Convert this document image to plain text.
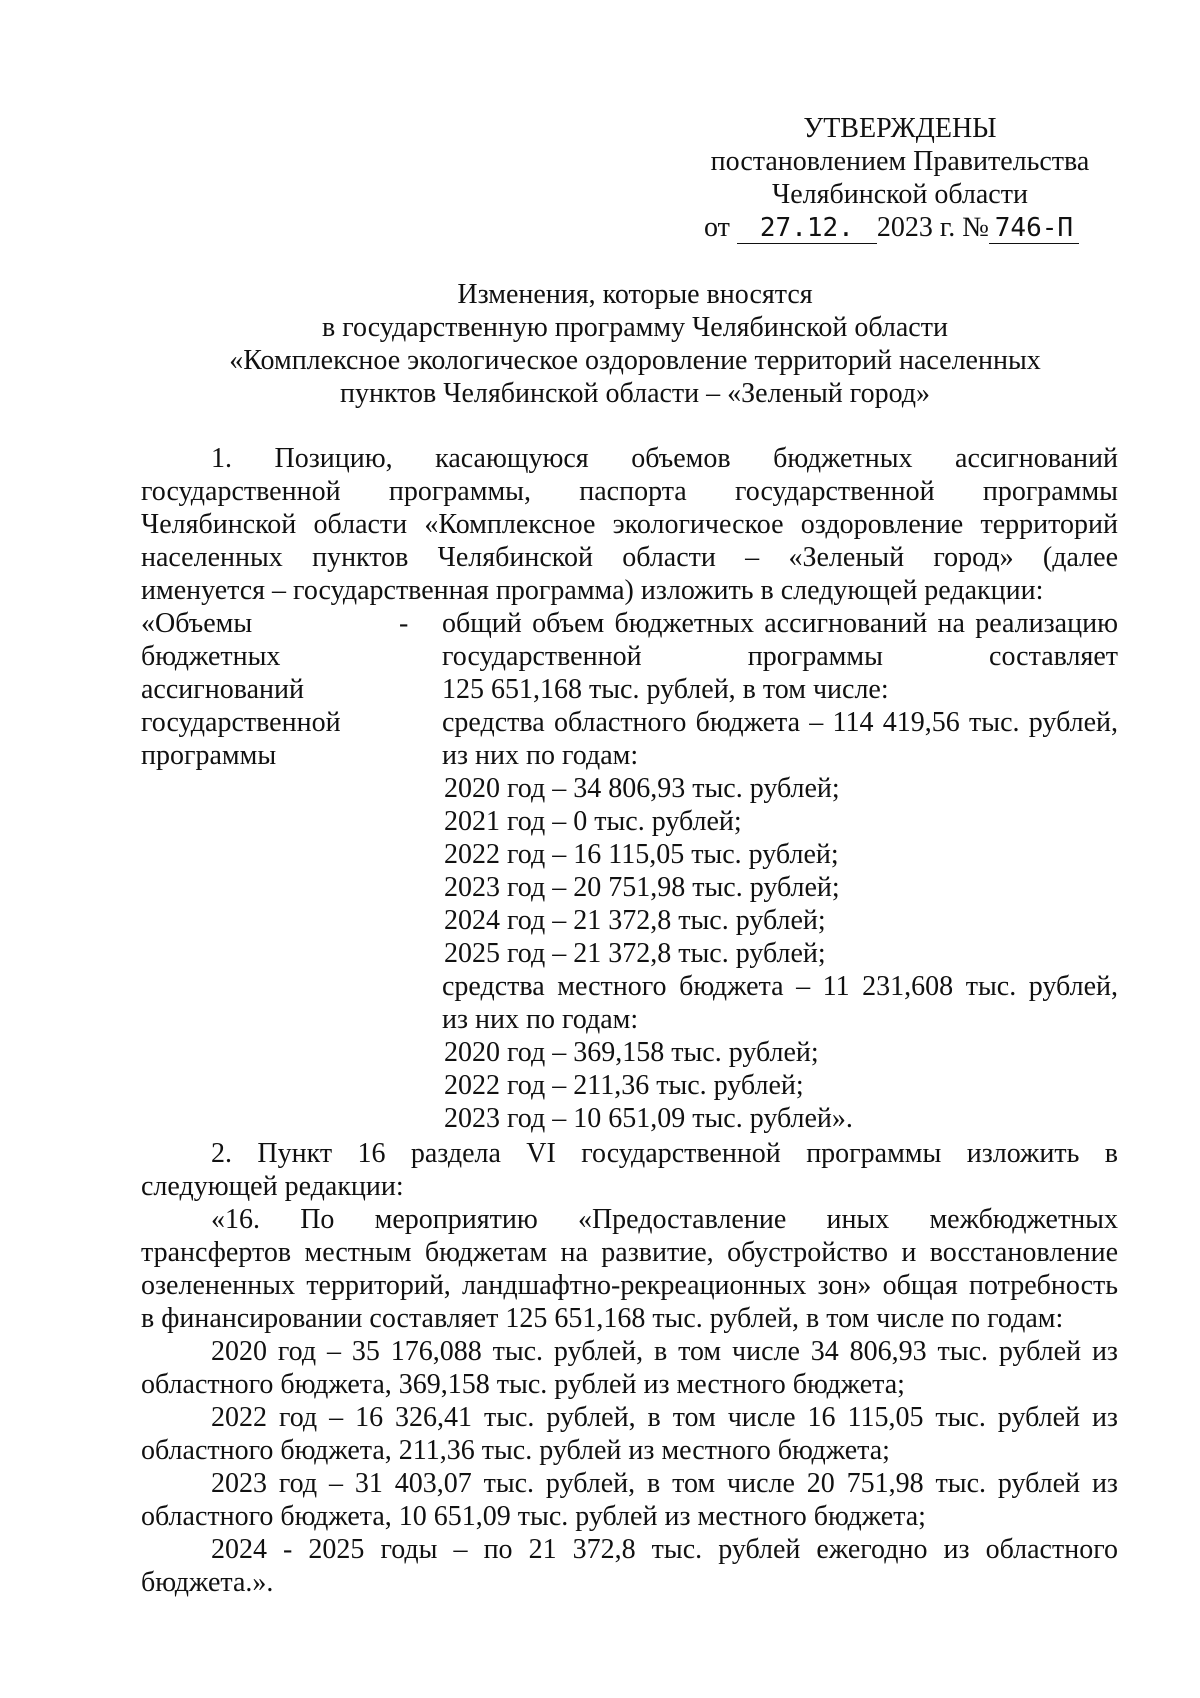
УТВЕРЖДЕНЫ
постановлением Правительства
Челябинской области
от 27.12. 2023 г. № 746-П
Изменения, которые вносятся
в государственную программу Челябинской области
«Комплексное экологическое оздоровление территорий населенных
пунктов Челябинской области – «Зеленый город»
1. Позицию, касающуюся объемов бюджетных ассигнований
государственной программы, паспорта государственной программы
Челябинской области «Комплексное экологическое оздоровление территорий
населенных пунктов Челябинской области – «Зеленый город» (далее
именуется – государственная программа) изложить в следующей редакции:
«Объемы
бюджетных
ассигнований
государственной
программы
- общий объем бюджетных ассигнований на реализацию
государственной программы составляет
125 651,168 тыс. рублей, в том числе:
средства областного бюджета – 114 419,56 тыс. рублей,
из них по годам:
2020 год – 34 806,93 тыс. рублей;
2021 год – 0 тыс. рублей;
2022 год – 16 115,05 тыс. рублей;
2023 год – 20 751,98 тыс. рублей;
2024 год – 21 372,8 тыс. рублей;
2025 год – 21 372,8 тыс. рублей;
средства местного бюджета – 11 231,608 тыс. рублей,
из них по годам:
2020 год – 369,158 тыс. рублей;
2022 год – 211,36 тыс. рублей;
2023 год – 10 651,09 тыс. рублей».
2. Пункт 16 раздела VI государственной программы изложить в
следующей редакции:
«16. По мероприятию «Предоставление иных межбюджетных
трансфертов местным бюджетам на развитие, обустройство и восстановление
озелененных территорий, ландшафтно-рекреационных зон» общая потребность
в финансировании составляет 125 651,168 тыс. рублей, в том числе по годам:
2020 год – 35 176,088 тыс. рублей, в том числе 34 806,93 тыс. рублей из
областного бюджета, 369,158 тыс. рублей из местного бюджета;
2022 год – 16 326,41 тыс. рублей, в том числе 16 115,05 тыс. рублей из
областного бюджета, 211,36 тыс. рублей из местного бюджета;
2023 год – 31 403,07 тыс. рублей, в том числе 20 751,98 тыс. рублей из
областного бюджета, 10 651,09 тыс. рублей из местного бюджета;
2024 - 2025 годы – по 21 372,8 тыс. рублей ежегодно из областного
бюджета.».
